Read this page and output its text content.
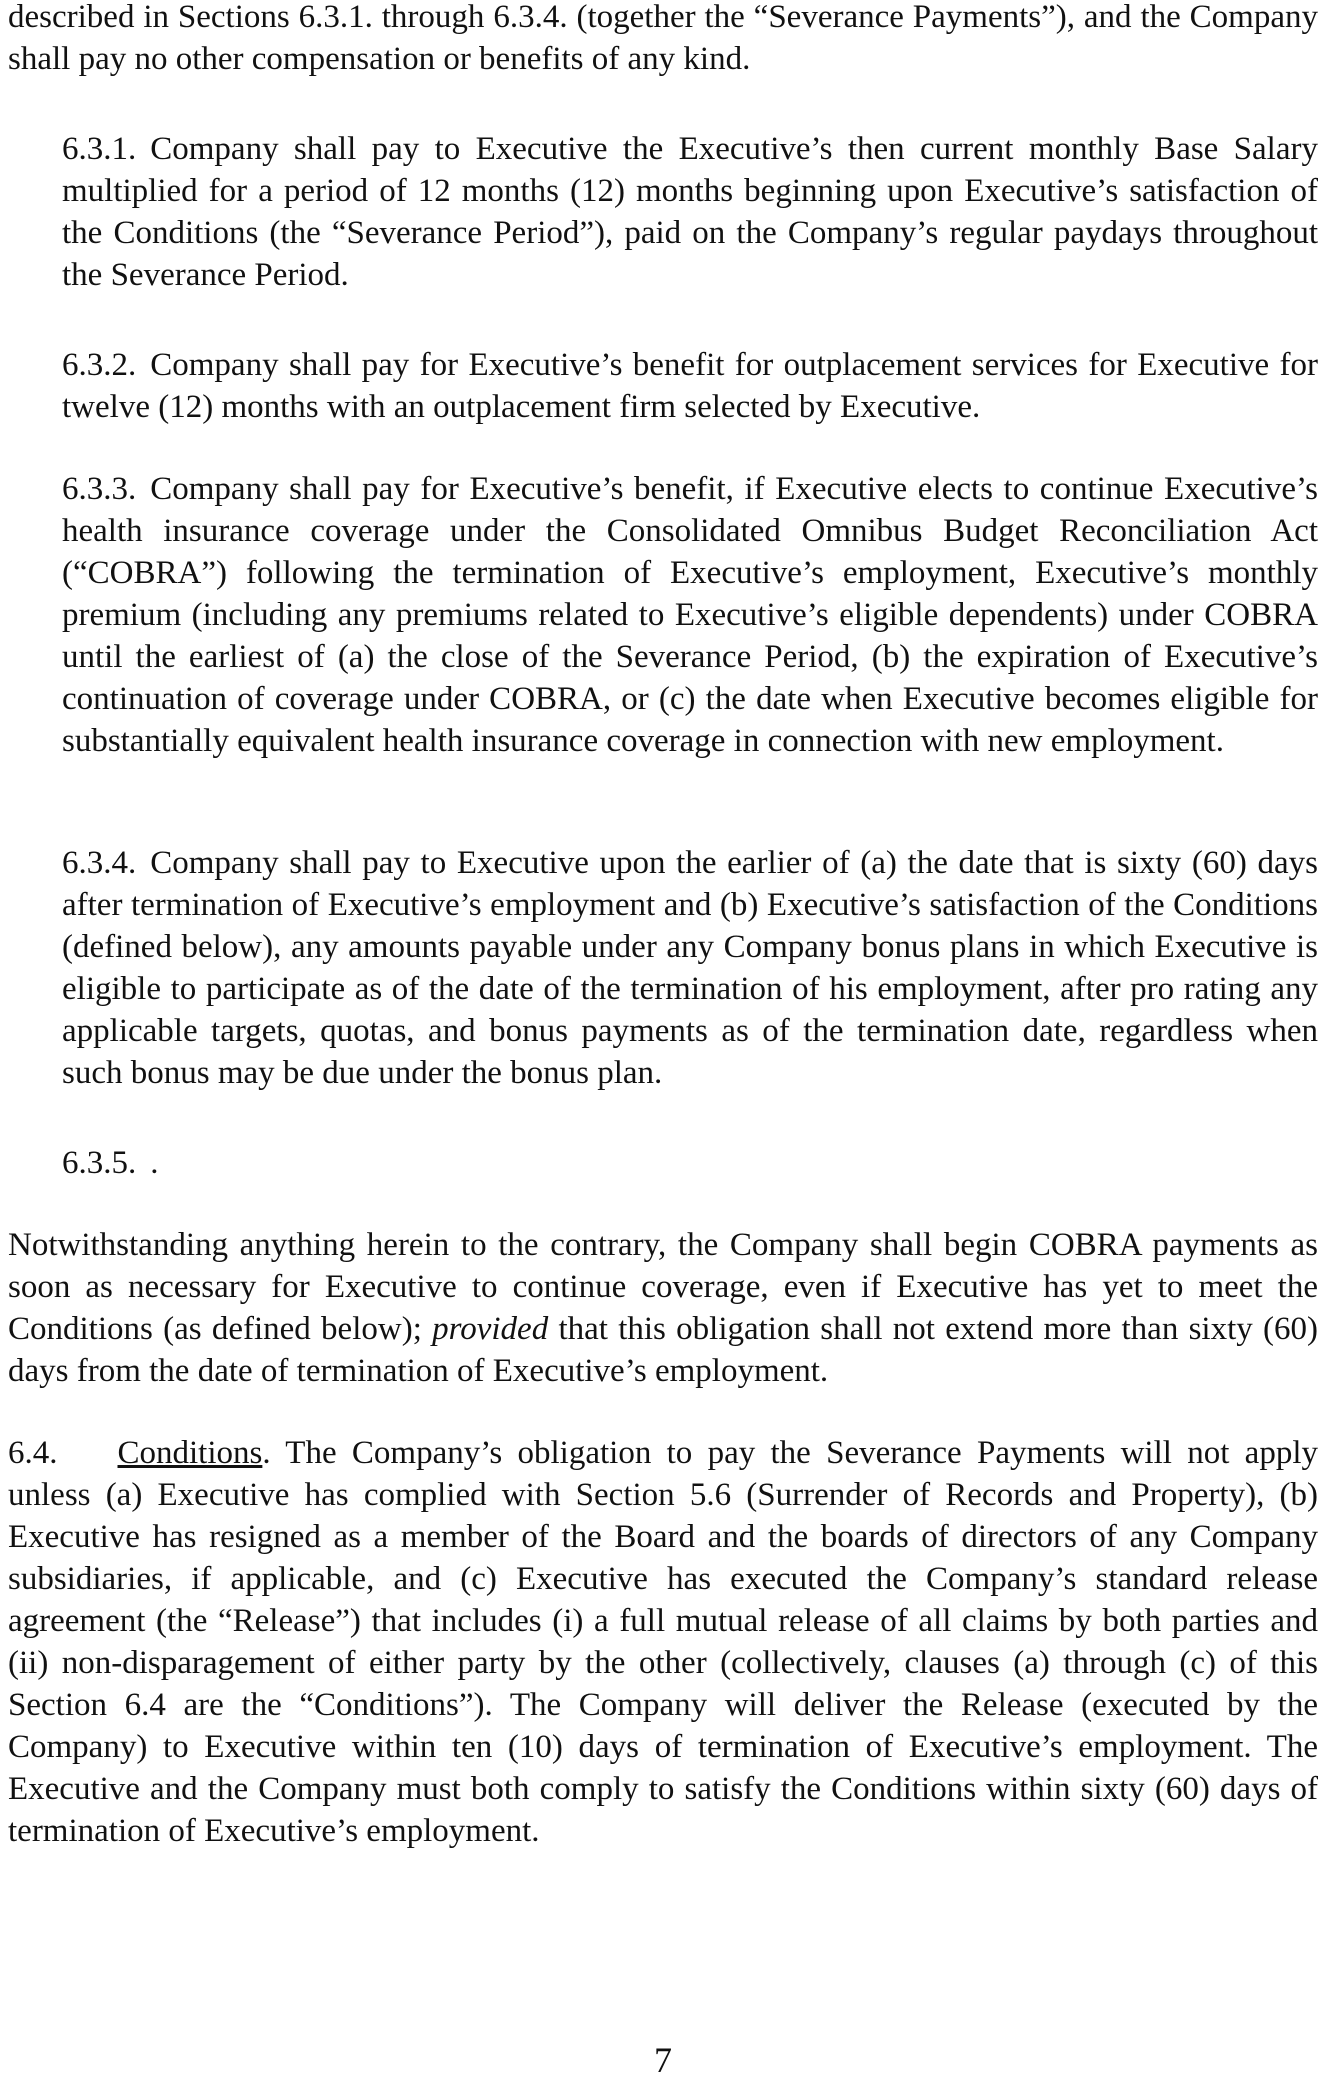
described in Sections 6.3.1. through 6.3.4. (together the “Severance Payments”), and the Company shall pay no other compensation or benefits of any kind.

6.3.1. Company shall pay to Executive the Executive’s then current monthly Base Salary multiplied for a period of 12 months (12) months beginning upon Executive’s satisfaction of the Conditions (the “Severance Period”), paid on the Company’s regular paydays throughout the Severance Period.

6.3.2. Company shall pay for Executive’s benefit for outplacement services for Executive for twelve (12) months with an outplacement firm selected by Executive.

6.3.3. Company shall pay for Executive’s benefit, if Executive elects to continue Executive’s health insurance coverage under the Consolidated Omnibus Budget Reconciliation Act (“COBRA”) following the termination of Executive’s employment, Executive’s monthly premium (including any premiums related to Executive’s eligible dependents) under COBRA until the earliest of (a) the close of the Severance Period, (b) the expiration of Executive’s continuation of coverage under COBRA, or (c) the date when Executive becomes eligible for substantially equivalent health insurance coverage in connection with new employment.

6.3.4. Company shall pay to Executive upon the earlier of (a) the date that is sixty (60) days after termination of Executive’s employment and (b) Executive’s satisfaction of the Conditions (defined below), any amounts payable under any Company bonus plans in which Executive is eligible to participate as of the date of the termination of his employment, after pro rating any applicable targets, quotas, and bonus payments as of the termination date, regardless when such bonus may be due under the bonus plan.

6.3.5. .

Notwithstanding anything herein to the contrary, the Company shall begin COBRA payments as soon as necessary for Executive to continue coverage, even if Executive has yet to meet the Conditions (as defined below); provided that this obligation shall not extend more than sixty (60) days from the date of termination of Executive’s employment.

6.4. Conditions. The Company’s obligation to pay the Severance Payments will not apply unless (a) Executive has complied with Section 5.6 (Surrender of Records and Property), (b) Executive has resigned as a member of the Board and the boards of directors of any Company subsidiaries, if applicable, and (c) Executive has executed the Company’s standard release agreement (the “Release”) that includes (i) a full mutual release of all claims by both parties and (ii) non-disparagement of either party by the other (collectively, clauses (a) through (c) of this Section 6.4 are the “Conditions”). The Company will deliver the Release (executed by the Company) to Executive within ten (10) days of termination of Executive’s employment. The Executive and the Company must both comply to satisfy the Conditions within sixty (60) days of termination of Executive’s employment.

7
